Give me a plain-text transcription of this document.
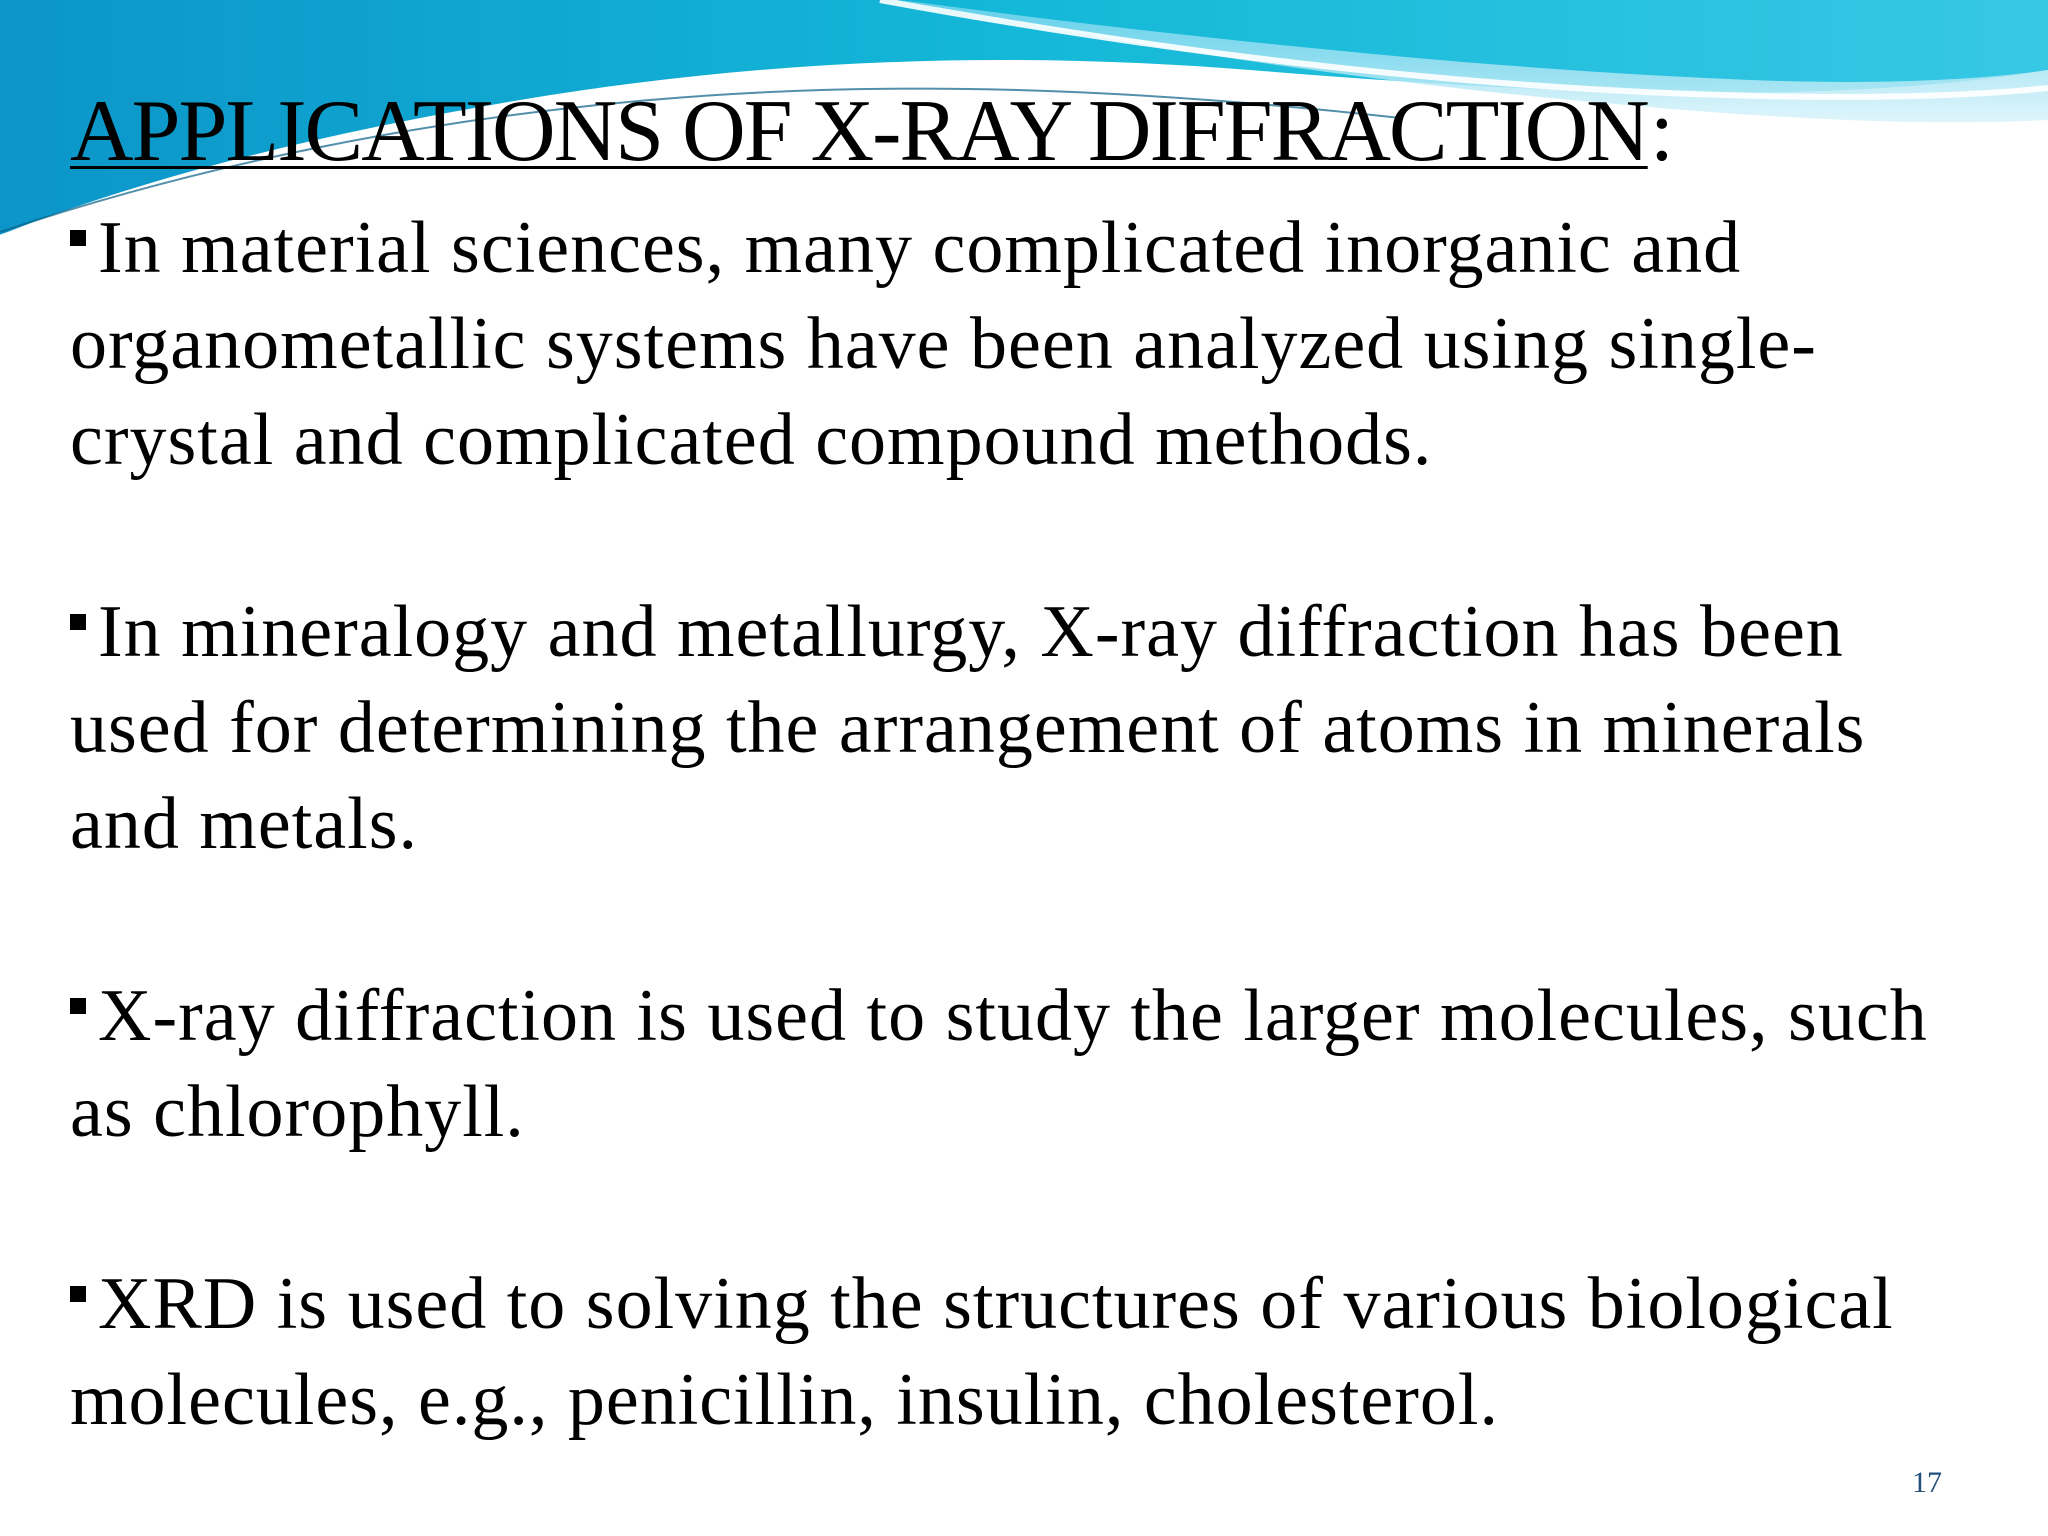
APPLICATIONS OF X-RAY DIFFRACTION:

In material sciences, many complicated inorganic and organometallic systems have been analyzed using single-crystal and complicated compound methods.

In mineralogy and metallurgy, X-ray diffraction has been used for determining the arrangement of atoms in minerals and metals.

X-ray diffraction is used to study the larger molecules, such as chlorophyll.

XRD is used to solving the structures of various biological molecules, e.g., penicillin, insulin, cholesterol.

17
